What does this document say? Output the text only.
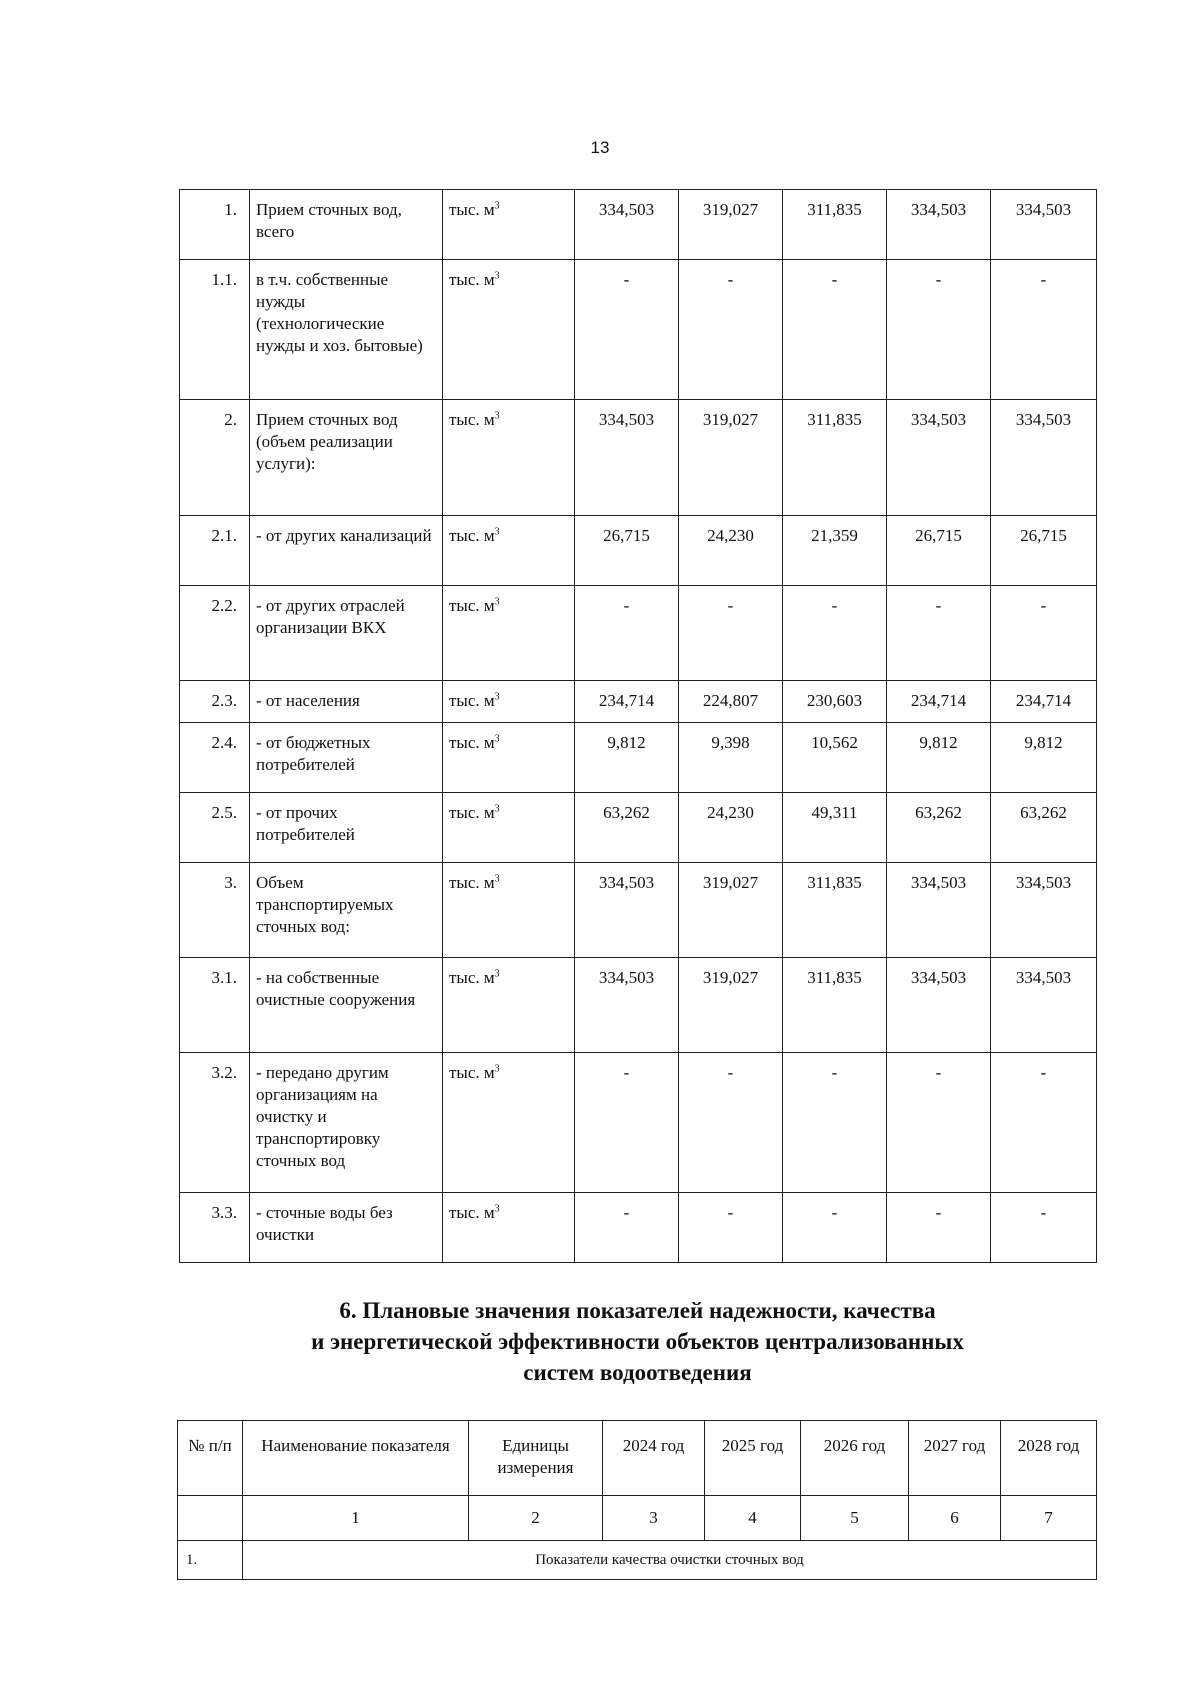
13
1.	Прием сточных вод, всего	тыс. $м^3$	334,503	319,027	311,835	334,503	334,503
1.1.	в т.ч. собственные нужды (технологические нужды и хоз. бытовые)	тыс. $м^3$	-	-	-	-	-
2.	Прием сточных вод (объем реализации услуги):	тыс. $м^3$	334,503	319,027	311,835	334,503	334,503
2.1.	- от других канализаций	тыс. $м^3$	26,715	24,230	21,359	26,715	26,715
2.2.	- от других отраслей организации ВКХ	тыс. $м^3$	-	-	-	-	-
2.3.	- от населения	тыс. $м^3$	234,714	224,807	230,603	234,714	234,714
2.4.	- от бюджетных потребителей	тыс. $м^3$	9,812	9,398	10,562	9,812	9,812
2.5.	- от прочих потребителей	тыс. $м^3$	63,262	24,230	49,311	63,262	63,262
3.	Объем транспортируемых сточных вод:	тыс. $м^3$	334,503	319,027	311,835	334,503	334,503
3.1.	- на собственные очистные сооружения	тыс. $м^3$	334,503	319,027	311,835	334,503	334,503
3.2.	- передано другим организациям на очистку и транспортировку сточных вод	тыс. $м^3$	-	-	-	-	-
3.3.	- сточные воды без очистки	тыс. $м^3$	-	-	-	-	-
6. Плановые значения показателей надежности, качества
и энергетической эффективности объектов централизованных
систем водоотведения
№ п/п	Наименование показателя	Единицы измерения	2024 год	2025 год	2026 год	2027 год	2028 год
	1	2	3	4	5	6	7
1.	Показатели качества очистки сточных вод						
